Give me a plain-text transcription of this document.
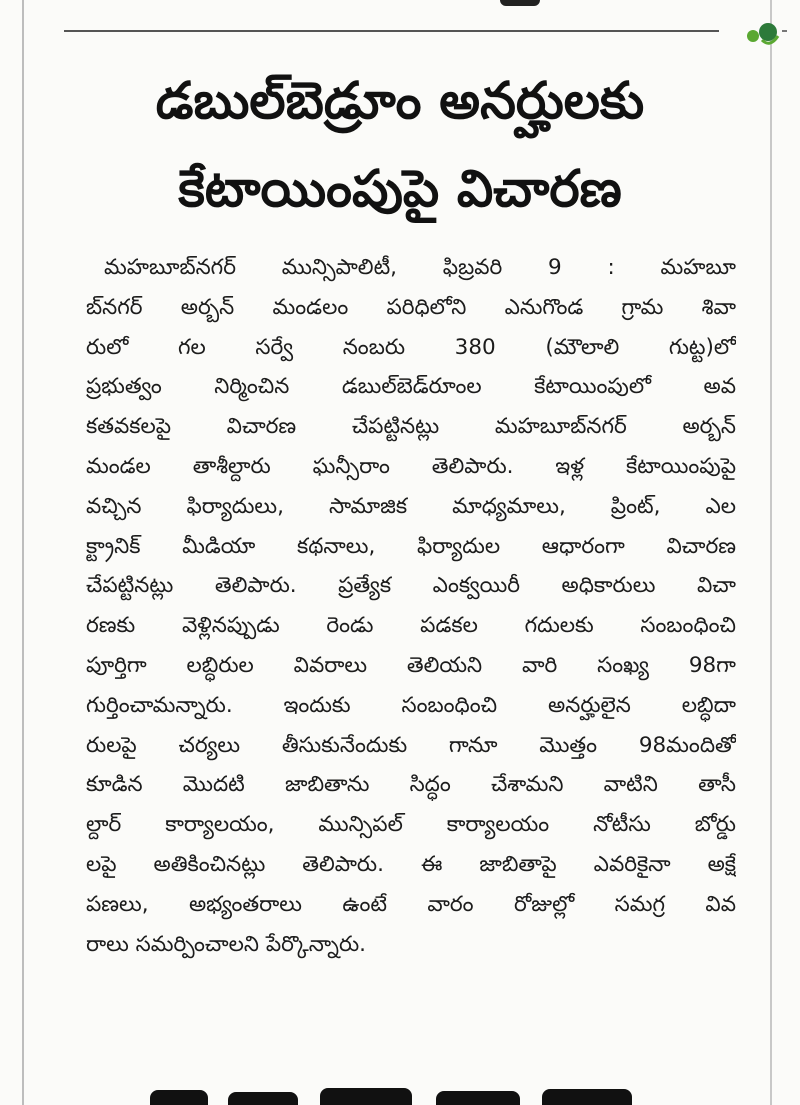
డబుల్‌బెడ్రూం అనర్హులకు
కేటాయింపుపై విచారణ
మహబూబ్‌నగర్ మున్సిపాలిటీ, ఫిబ్రవరి 9 : మహబూ
బ్‌నగర్ అర్బన్ మండలం పరిధిలోని ఎనుగొండ గ్రామ శివా
రులో గల సర్వే నంబరు 380 (మౌలాలి గుట్ట)లో
ప్రభుత్వం నిర్మించిన డబుల్‌బెడ్‌రూంల కేటాయింపులో అవ
కతవకలపై విచారణ చేపట్టినట్లు మహబూబ్‌నగర్ అర్బన్
మండల తాశీల్దారు ఘన్సీరాం తెలిపారు. ఇళ్ల కేటాయింపుపై
వచ్చిన ఫిర్యాదులు, సామాజిక మాధ్యమాలు, ప్రింట్, ఎల
క్ట్రానిక్ మీడియా కథనాలు, ఫిర్యాదుల ఆధారంగా విచారణ
చేపట్టినట్లు తెలిపారు. ప్రత్యేక ఎంక్వయిరీ అధికారులు విచా
రణకు వెళ్లినప్పుడు రెండు పడకల గదులకు సంబంధించి
పూర్తిగా లబ్ధిరుల వివరాలు తెలియని వారి సంఖ్య 98గా
గుర్తించామన్నారు. ఇందుకు సంబంధించి అనర్హులైన లబ్ధిదా
రులపై చర్యలు తీసుకునేందుకు గానూ మొత్తం 98మందితో
కూడిన మొదటి జాబితాను సిద్ధం చేశామని వాటిని తాసీ
ల్దార్ కార్యాలయం, మున్సిపల్ కార్యాలయం నోటీసు బోర్డు
లపై అతికించినట్లు తెలిపారు. ఈ జాబితాపై ఎవరికైనా అక్షే
పణలు, అభ్యంతరాలు ఉంటే వారం రోజుల్లో సమగ్ర వివ
రాలు సమర్పించాలని పేర్కొన్నారు.
